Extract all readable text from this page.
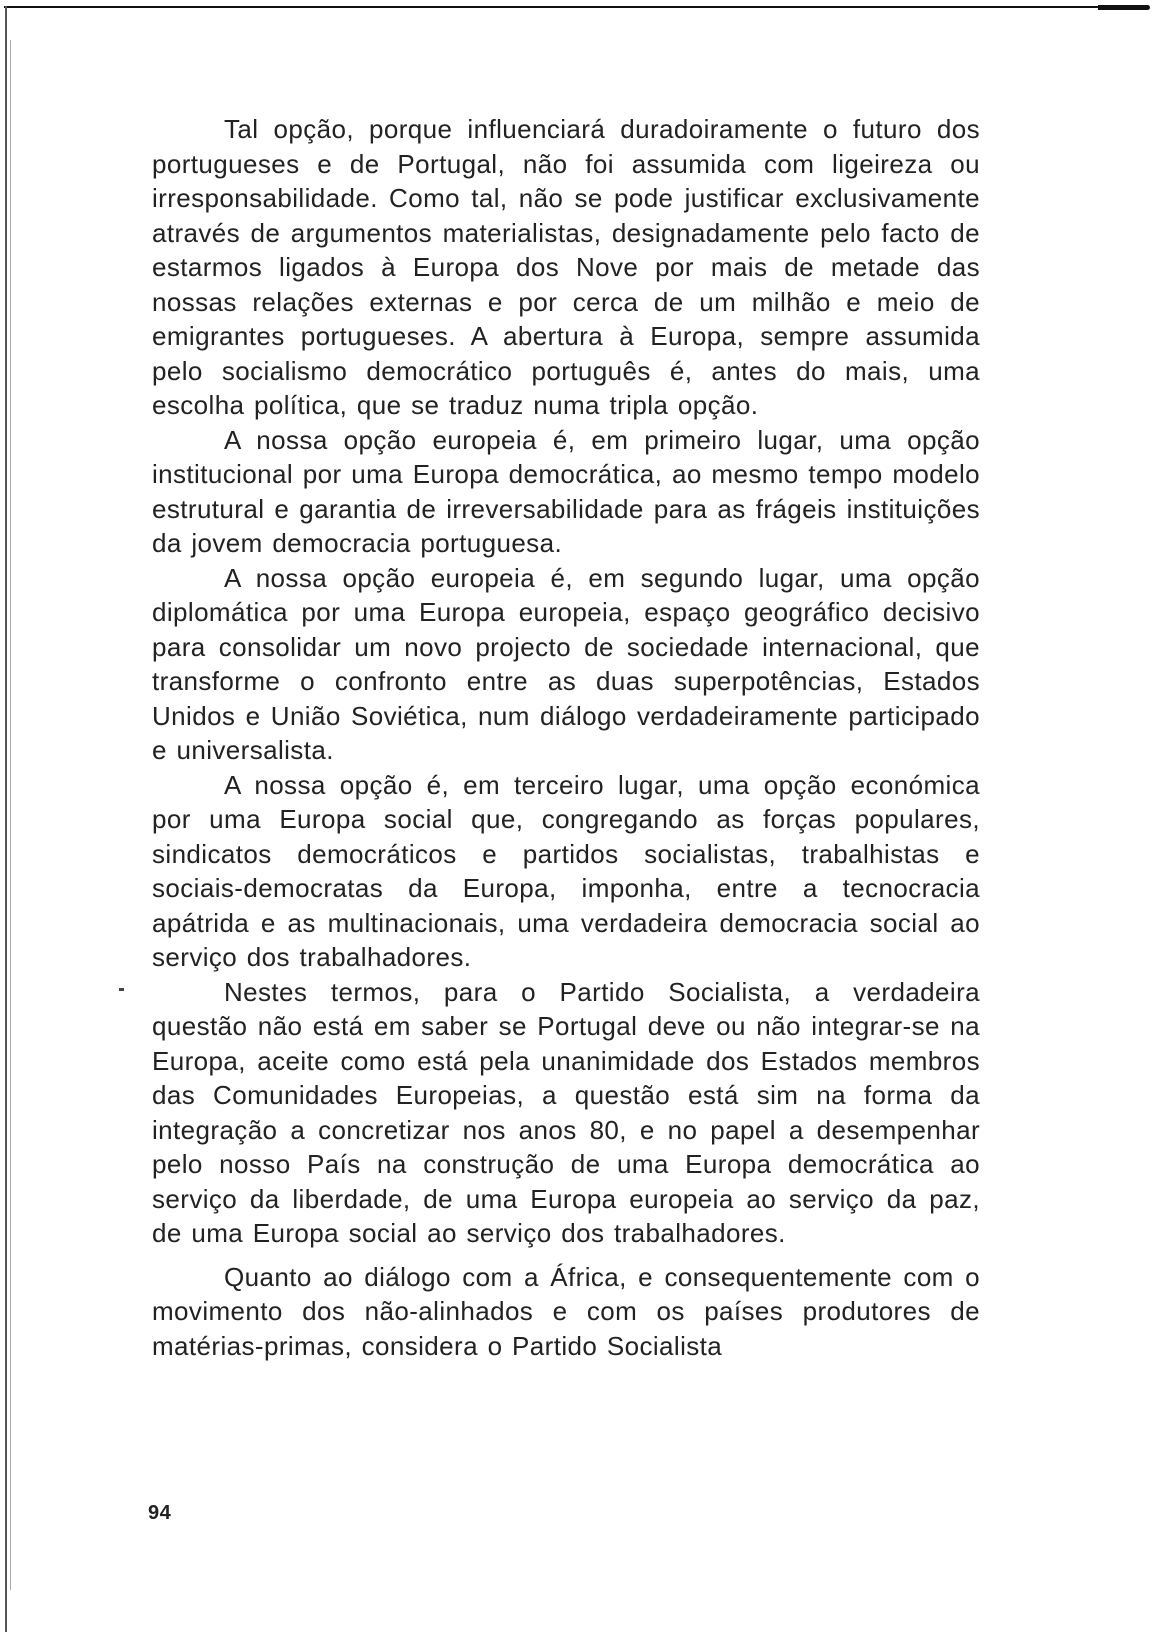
Tal opção, porque influenciará duradoiramente o futuro dos portugueses e de Portugal, não foi assumida com ligeireza ou irresponsabilidade. Como tal, não se pode justificar exclusivamente através de argumentos materialistas, designadamente pelo facto de estarmos ligados à Europa dos Nove por mais de metade das nossas relações externas e por cerca de um milhão e meio de emigrantes portugueses. A abertura à Europa, sempre assumida pelo socialismo democrático português é, antes do mais, uma escolha política, que se traduz numa tripla opção.

A nossa opção europeia é, em primeiro lugar, uma opção institucional por uma Europa democrática, ao mesmo tempo modelo estrutural e garantia de irreversabilidade para as frágeis instituições da jovem democracia portuguesa.

A nossa opção europeia é, em segundo lugar, uma opção diplomática por uma Europa europeia, espaço geográfico decisivo para consolidar um novo projecto de sociedade internacional, que transforme o confronto entre as duas superpotências, Estados Unidos e União Soviética, num diálogo verdadeiramente participado e universalista.

A nossa opção é, em terceiro lugar, uma opção económica por uma Europa social que, congregando as forças populares, sindicatos democráticos e partidos socialistas, trabalhistas e sociais-democratas da Europa, imponha, entre a tecnocracia apátrida e as multinacionais, uma verdadeira democracia social ao serviço dos trabalhadores.

Nestes termos, para o Partido Socialista, a verdadeira questão não está em saber se Portugal deve ou não integrar-se na Europa, aceite como está pela unanimidade dos Estados membros das Comunidades Europeias, a questão está sim na forma da integração a concretizar nos anos 80, e no papel a desempenhar pelo nosso País na construção de uma Europa democrática ao serviço da liberdade, de uma Europa europeia ao serviço da paz, de uma Europa social ao serviço dos trabalhadores.

Quanto ao diálogo com a África, e consequentemente com o movimento dos não-alinhados e com os países produtores de matérias-primas, considera o Partido Socialista

94
